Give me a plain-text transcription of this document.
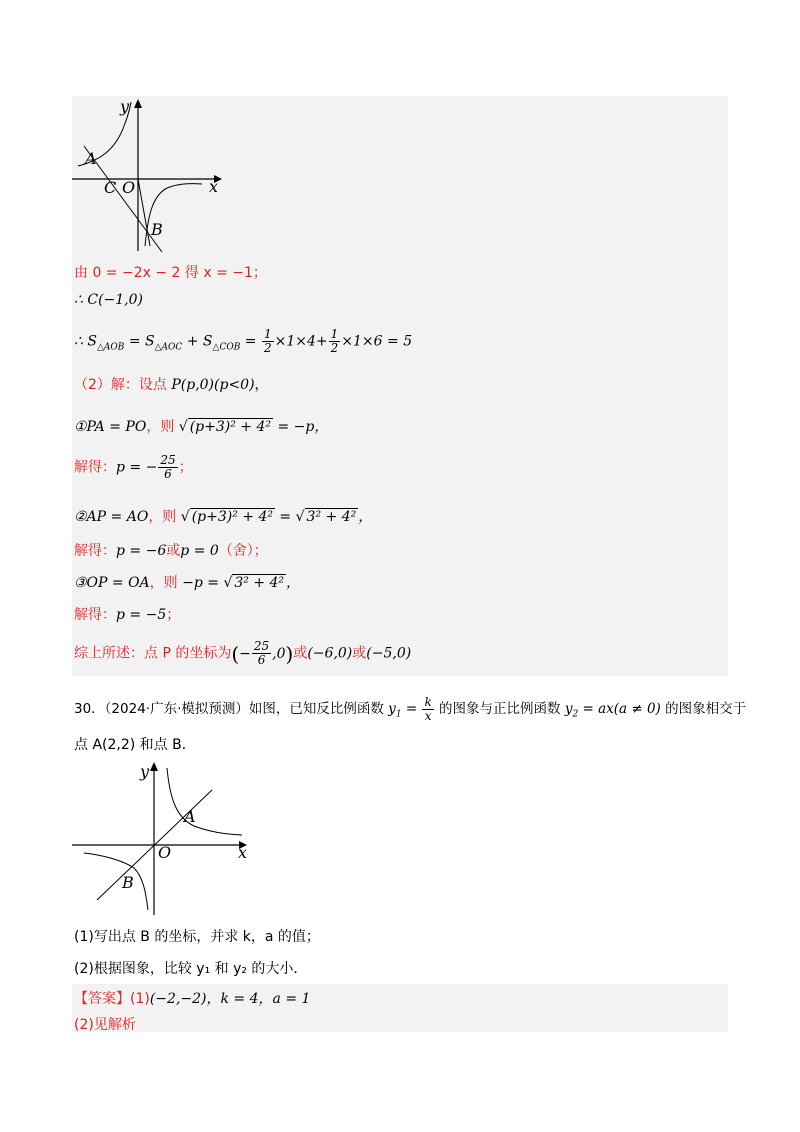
y
x
A
C O
B
由 0 = −2x − 2 得 x = −1；
∴ C(−1,0)
∴ $S_{\triangle AOB} = S_{\triangle AOC} + S_{\triangle COB} = \frac{1}{2} \times 1\times 4+ \frac{1}{2} \times 1\times 6 = 5$
（2）解：设点 P(p,0)(p<0)，
①PA = PO，则 √ (p+3)² + 4² = −p，
解得：p = − $\frac{25}{6}$ ；
②AP = AO，则 √ (p+3)² + 4² = √ 3² + 4² ，
解得：p = −6或p = 0（舍）；
③OP = OA，则 −p = √ 3² + 4² ，
解得：p = −5；
综上所述：点 P 的坐标为(− $\frac{25}{6} ,0$)或(−6,0)或(−5,0)
30．（2024·广东·模拟预测）如图，已知反比例函数 $y_1 = \frac{k}{x}$ 的图象与正比例函数 $y_2 = ax(a \ne 0)$ 的图象相交于
点 A(2,2) 和点 B．
y
x
A
O
B
(1)写出点 B 的坐标，并求 k，a 的值；
(2)根据图象，比较 y₁ 和 y₂ 的大小．
【答案】(1)(−2,−2)，k = 4，a = 1
(2)见解析
